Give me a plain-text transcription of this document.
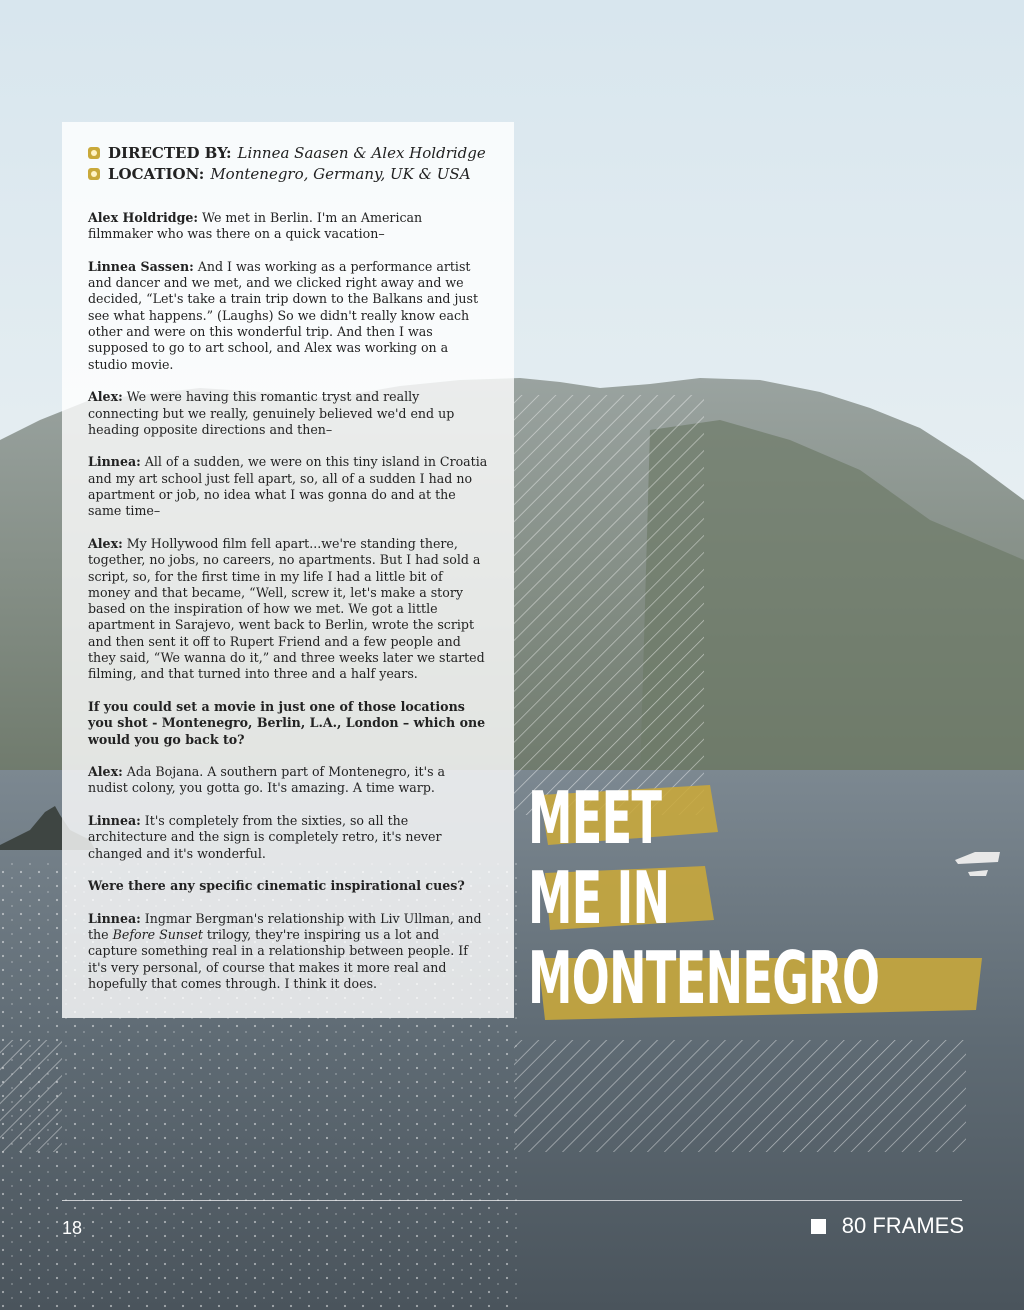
DIRECTED BY: Linnea Saasen & Alex Holdridge
LOCATION: Montenegro, Germany, UK & USA

Alex Holdridge: We met in Berlin. I'm an American filmmaker who was there on a quick vacation–

Linnea Sassen: And I was working as a performance artist and dancer and we met, and we clicked right away and we decided, “Let's take a train trip down to the Balkans and just see what happens.” (Laughs) So we didn't really know each other and were on this wonderful trip. And then I was supposed to go to art school, and Alex was working on a studio movie.

Alex: We were having this romantic tryst and really connecting but we really, genuinely believed we'd end up heading opposite directions and then–

Linnea: All of a sudden, we were on this tiny island in Croatia and my art school just fell apart, so, all of a sudden I had no apartment or job, no idea what I was gonna do and at the same time–

Alex: My Hollywood film fell apart...we're standing there, together, no jobs, no careers, no apartments. But I had sold a script, so, for the first time in my life I had a little bit of money and that became, “Well, screw it, let's make a story based on the inspiration of how we met. We got a little apartment in Sarajevo, went back to Berlin, wrote the script and then sent it off to Rupert Friend and a few people and they said, “We wanna do it,” and three weeks later we started filming, and that turned into three and a half years.

If you could set a movie in just one of those locations you shot - Montenegro, Berlin, L.A., London – which one would you go back to?

Alex: Ada Bojana. A southern part of Montenegro, it's a nudist colony, you gotta go. It's amazing. A time warp.

Linnea: It's completely from the sixties, so all the architecture and the sign is completely retro, it's never changed and it's wonderful.

Were there any specific cinematic inspirational cues?

Linnea: Ingmar Bergman's relationship with Liv Ullman, and the Before Sunset trilogy, they're inspiring us a lot and capture something real in a relationship between people. If it's very personal, of course that makes it more real and hopefully that comes through. I think it does.

MEET
ME IN
MONTENEGRO
18	80 FRAMES
